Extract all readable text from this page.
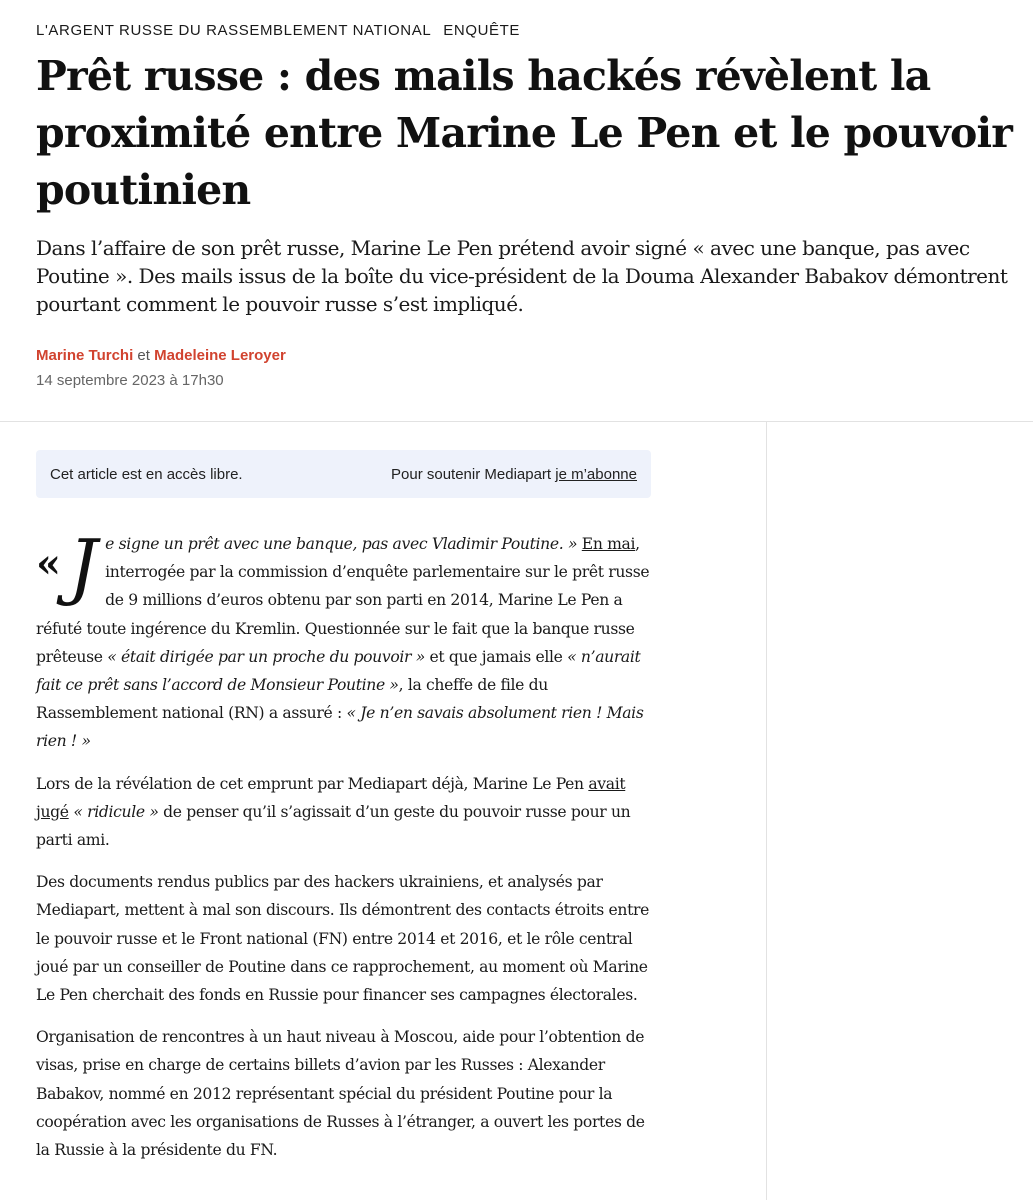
L'ARGENT RUSSE DU RASSEMBLEMENT NATIONAL ENQUÊTE
Prêt russe : des mails hackés révèlent la proximité entre Marine Le Pen et le pouvoir poutinien

Dans l’affaire de son prêt russe, Marine Le Pen prétend avoir signé « avec une banque, pas avec Poutine ». Des mails issus de la boîte du vice-président de la Douma Alexander Babakov démontrent pourtant comment le pouvoir russe s’est impliqué.

Marine Turchi et Madeleine Leroyer
14 septembre 2023 à 17h30
Cet article est en accès libre.	Pour soutenir Mediapart je m’abonne

« J e signe un prêt avec une banque, pas avec Vladimir Poutine. » En mai, interrogée par la commission d’enquête parlementaire sur le prêt russe de 9 millions d’euros obtenu par son parti en 2014, Marine Le Pen a réfuté toute ingérence du Kremlin. Questionnée sur le fait que la banque russe prêteuse « était dirigée par un proche du pouvoir » et que jamais elle « n’aurait fait ce prêt sans l’accord de Monsieur Poutine », la cheffe de file du Rassemblement national (RN) a assuré : « Je n’en savais absolument rien ! Mais rien ! »

Lors de la révélation de cet emprunt par Mediapart déjà, Marine Le Pen avait jugé « ridicule » de penser qu’il s’agissait d’un geste du pouvoir russe pour un parti ami.

Des documents rendus publics par des hackers ukrainiens, et analysés par Mediapart, mettent à mal son discours. Ils démontrent des contacts étroits entre le pouvoir russe et le Front national (FN) entre 2014 et 2016, et le rôle central joué par un conseiller de Poutine dans ce rapprochement, au moment où Marine Le Pen cherchait des fonds en Russie pour financer ses campagnes électorales.

Organisation de rencontres à un haut niveau à Moscou, aide pour l’obtention de visas, prise en charge de certains billets d’avion par les Russes : Alexander Babakov, nommé en 2012 représentant spécial du président Poutine pour la coopération avec les organisations de Russes à l’étranger, a ouvert les portes de la Russie à la présidente du FN.
